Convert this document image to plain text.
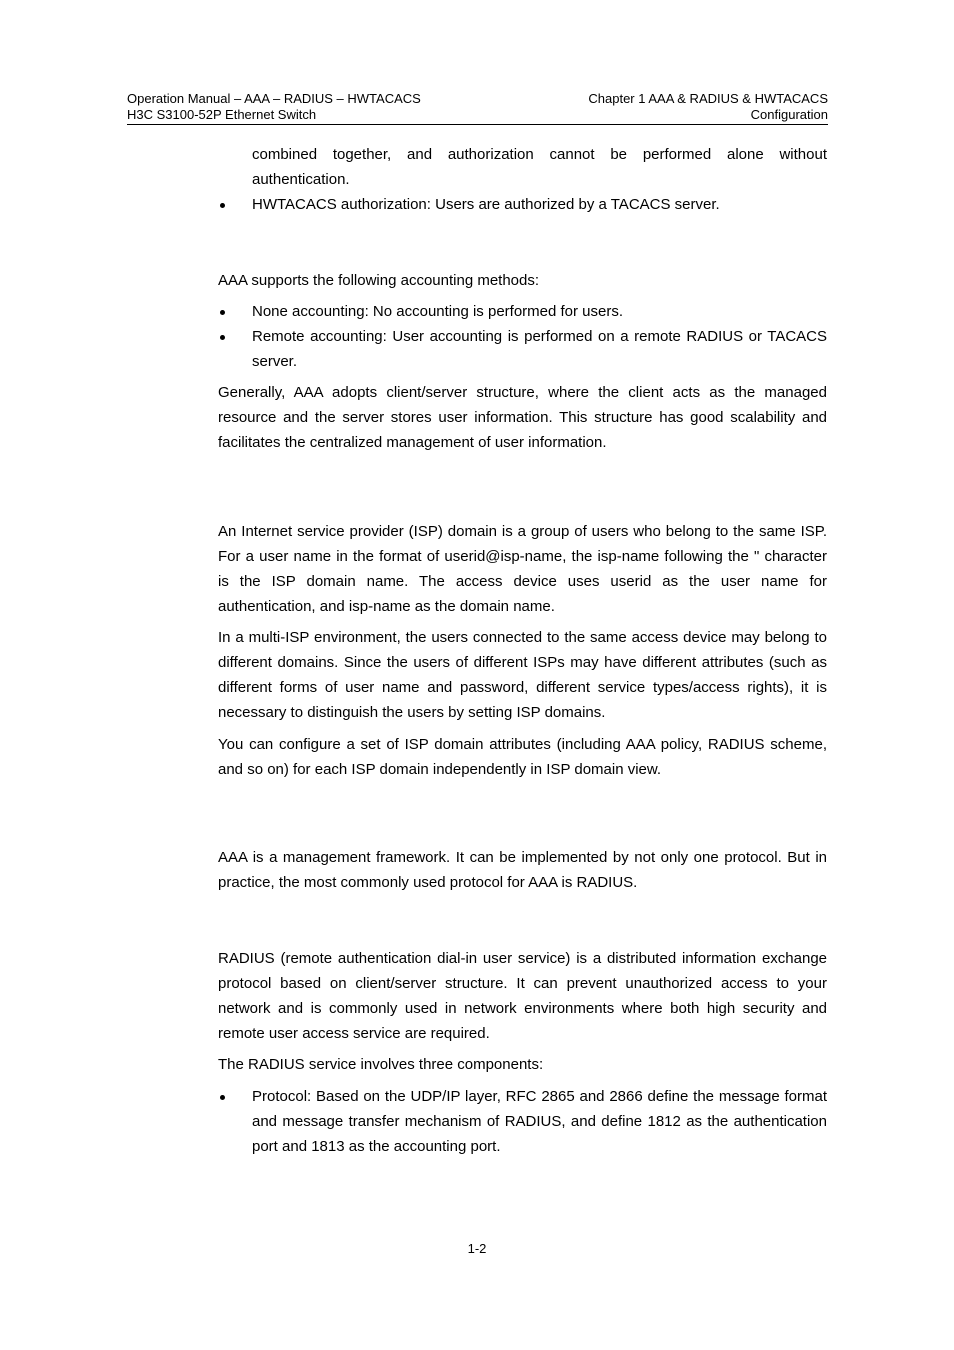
Operation Manual – AAA – RADIUS – HWTACACS
H3C S3100-52P Ethernet Switch
Chapter 1 AAA & RADIUS & HWTACACS
Configuration
combined together, and authorization cannot be performed alone without
authentication.
HWTACACS authorization: Users are authorized by a TACACS server.

AAA supports the following accounting methods:

None accounting: No accounting is performed for users.
Remote accounting: User accounting is performed on a remote RADIUS or TACACS server.

Generally, AAA adopts client/server structure, where the client acts as the managed resource and the server stores user information. This structure has good scalability and facilitates the centralized management of user information.

An Internet service provider (ISP) domain is a group of users who belong to the same ISP. For a user name in the format of userid@isp-name, the isp-name following the " character is the ISP domain name. The access device uses userid as the user name for authentication, and isp-name as the domain name.

In a multi-ISP environment, the users connected to the same access device may belong to different domains. Since the users of different ISPs may have different attributes (such as different forms of user name and password, different service types/access rights), it is necessary to distinguish the users by setting ISP domains.

You can configure a set of ISP domain attributes (including AAA policy, RADIUS scheme, and so on) for each ISP domain independently in ISP domain view.

AAA is a management framework. It can be implemented by not only one protocol. But in practice, the most commonly used protocol for AAA is RADIUS.

RADIUS (remote authentication dial-in user service) is a distributed information exchange protocol based on client/server structure. It can prevent unauthorized access to your network and is commonly used in network environments where both high security and remote user access service are required.

The RADIUS service involves three components:

Protocol: Based on the UDP/IP layer, RFC 2865 and 2866 define the message format and message transfer mechanism of RADIUS, and define 1812 as the authentication port and 1813 as the accounting port.
1-2
